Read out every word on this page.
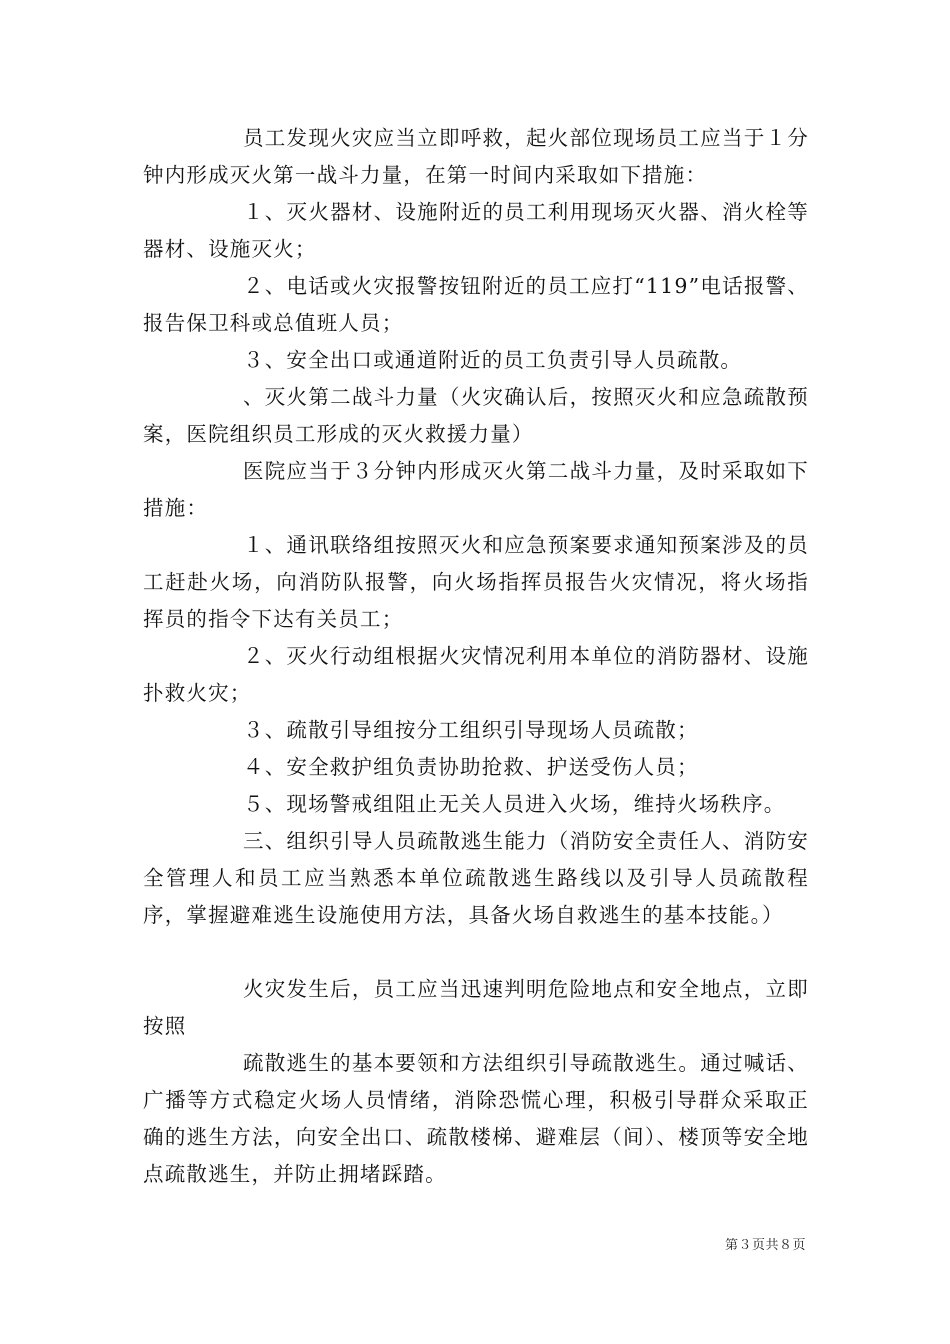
员工发现火灾应当立即呼救，起火部位现场员工应当于１分钟内形成灭火第一战斗力量，在第一时间内采取如下措施：

１、灭火器材、设施附近的员工利用现场灭火器、消火栓等器材、设施灭火；

２、电话或火灾报警按钮附近的员工应打“119”电话报警、报告保卫科或总值班人员；

３、安全出口或通道附近的员工负责引导人员疏散。

、灭火第二战斗力量（火灾确认后，按照灭火和应急疏散预案，医院组织员工形成的灭火救援力量）

医院应当于３分钟内形成灭火第二战斗力量，及时采取如下措施：

１、通讯联络组按照灭火和应急预案要求通知预案涉及的员工赶赴火场，向消防队报警，向火场指挥员报告火灾情况，将火场指挥员的指令下达有关员工；

２、灭火行动组根据火灾情况利用本单位的消防器材、设施扑救火灾；

３、疏散引导组按分工组织引导现场人员疏散；

４、安全救护组负责协助抢救、护送受伤人员；

５、现场警戒组阻止无关人员进入火场，维持火场秩序。

三、组织引导人员疏散逃生能力（消防安全责任人、消防安全管理人和员工应当熟悉本单位疏散逃生路线以及引导人员疏散程序，掌握避难逃生设施使用方法，具备火场自救逃生的基本技能。）

火灾发生后，员工应当迅速判明危险地点和安全地点，立即按照

疏散逃生的基本要领和方法组织引导疏散逃生。通过喊话、广播等方式稳定火场人员情绪，消除恐慌心理，积极引导群众采取正确的逃生方法，向安全出口、疏散楼梯、避难层（间）、楼顶等安全地点疏散逃生，并防止拥堵踩踏。

第３页共８页
